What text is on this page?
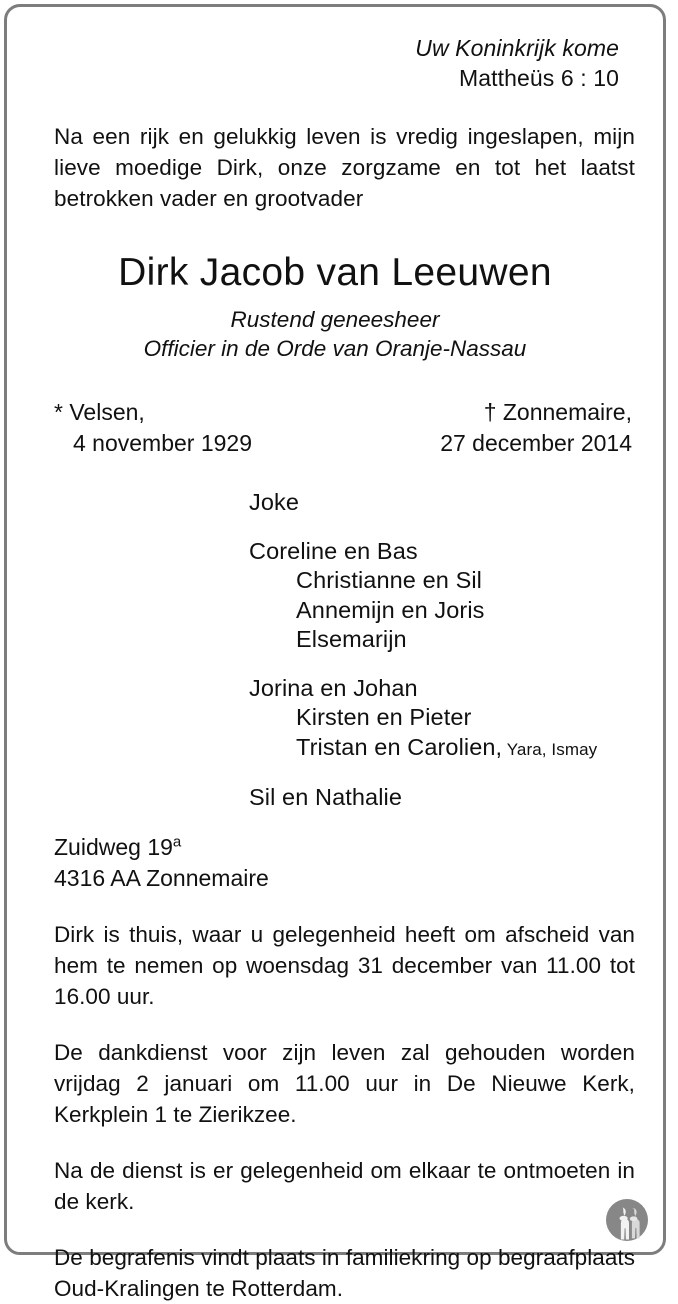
Uw Koninkrijk kome
Mattheüs 6 : 10
Na een rijk en gelukkig leven is vredig ingeslapen, mijn lieve moedige Dirk, onze zorgzame en tot het laatst betrokken vader en grootvader
Dirk Jacob van Leeuwen
Rustend geneesheer
Officier in de Orde van Oranje-Nassau
* Velsen,
4 november 1929
† Zonnemaire,
27 december 2014
Joke
Coreline en Bas
Christianne en Sil
Annemijn en Joris
Elsemarijn
Jorina en Johan
Kirsten en Pieter
Tristan en Carolien, Yara, Ismay
Sil en Nathalie
Zuidweg 19$^a$
4316 AA Zonnemaire
Dirk is thuis, waar u gelegenheid heeft om afscheid van hem te nemen op woensdag 31 december van 11.00 tot 16.00 uur.
De dankdienst voor zijn leven zal gehouden worden vrijdag 2 januari om 11.00 uur in De Nieuwe Kerk, Kerkplein 1 te Zierikzee.
Na de dienst is er gelegenheid om elkaar te ontmoeten in de kerk.
De begrafenis vindt plaats in familiekring op begraafplaats Oud-Kralingen te Rotterdam.
